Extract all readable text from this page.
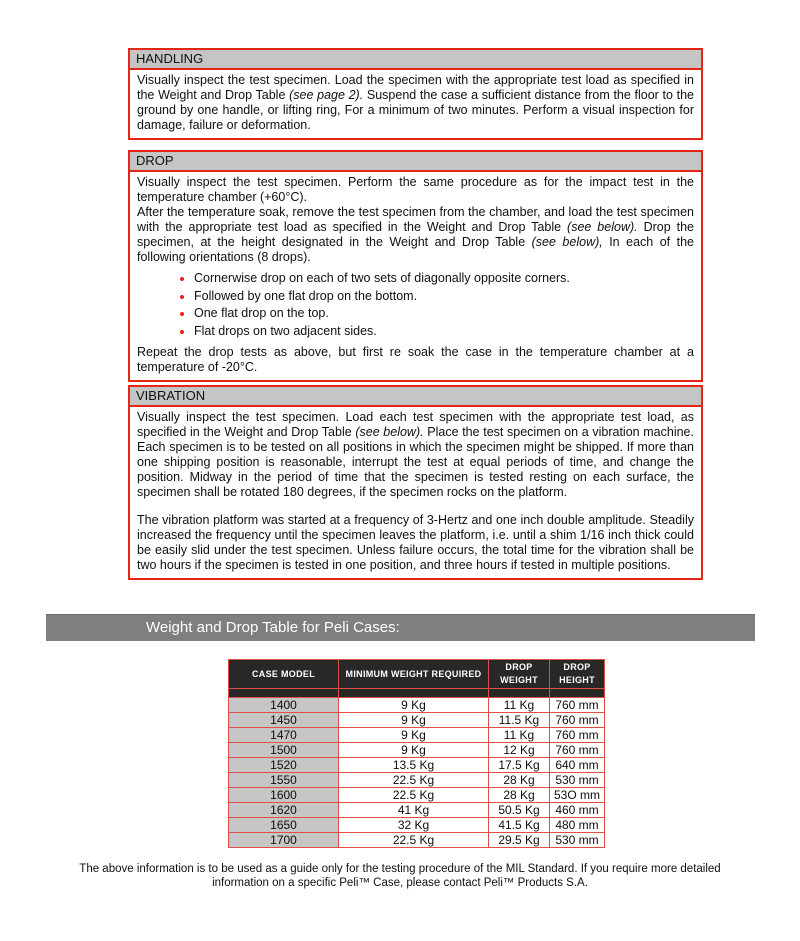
HANDLING

Visually inspect the test specimen. Load the specimen with the appropriate test load as specified in the Weight and Drop Table (see page 2). Suspend the case a sufficient distance from the floor to the ground by one handle, or lifting ring, For a minimum of two minutes. Perform a visual inspection for damage, failure or deformation.

DROP

Visually inspect the test specimen. Perform the same procedure as for the impact test in the temperature chamber (+60°C).

After the temperature soak, remove the test specimen from the chamber, and load the test specimen with the appropriate test load as specified in the Weight and Drop Table (see below). Drop the specimen, at the height designated in the Weight and Drop Table (see below), In each of the following orientations (8 drops).

• Cornerwise drop on each of two sets of diagonally opposite corners.
• Followed by one flat drop on the bottom.
• One flat drop on the top.
• Flat drops on two adjacent sides.

Repeat the drop tests as above, but first re soak the case in the temperature chamber at a temperature of -20°C.

VIBRATION

Visually inspect the test specimen. Load each test specimen with the appropriate test load, as specified in the Weight and Drop Table (see below). Place the test specimen on a vibration machine. Each specimen is to be tested on all positions in which the specimen might be shipped. If more than one shipping position is reasonable, interrupt the test at equal periods of time, and change the position. Midway in the period of time that the specimen is tested resting on each surface, the specimen shall be rotated 180 degrees, if the specimen rocks on the platform.

The vibration platform was started at a frequency of 3-Hertz and one inch double amplitude. Steadily increased the frequency until the specimen leaves the platform, i.e. until a shim 1/16 inch thick could be easily slid under the test specimen. Unless failure occurs, the total time for the vibration shall be two hours if the specimen is tested in one position, and three hours if tested in multiple positions.

Weight and Drop Table for Peli Cases:
CASE MODEL	MINIMUM WEIGHT REQUIRED	DROP WEIGHT	DROP HEIGHT

1400	9 Kg	11 Kg	760 mm
1450	9 Kg	11.5 Kg	760 mm
1470	9 Kg	11 Kg	760 mm
1500	9 Kg	12 Kg	760 mm
1520	13.5 Kg	17.5 Kg	640 mm
1550	22.5 Kg	28 Kg	530 mm
1600	22.5 Kg	28 Kg	53O mm
1620	41 Kg	50.5 Kg	460 mm
1650	32 Kg	41.5 Kg	480 mm
1700	22.5 Kg	29.5 Kg	530 mm
The above information is to be used as a guide only for the testing procedure of the MIL Standard. If you require more detailed information on a specific Peli™ Case, please contact Peli™ Products S.A.
